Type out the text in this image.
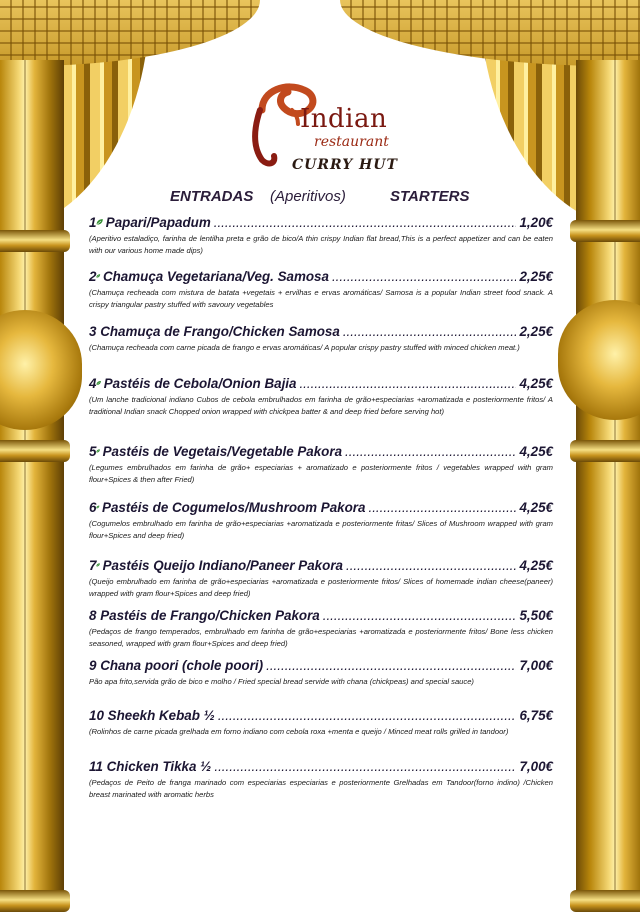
Indian
restaurant
CURRY HUT
ENTRADAS (Aperitivos)	STARTERS
1 Papari/Papadum .....	1,20€
(Aperitivo estaladiço, farinha de lentilha preta e grão de bico/A thin crispy Indian flat bread,This is a perfect appetizer and can be eaten with our various home made dips)
2 Chamuça Vegetariana/Veg. Samosa .....	2,25€
(Chamuça recheada com mistura de batata +vegetais + ervilhas e ervas aromáticas/ Samosa is a popular Indian street food snack. A crispy triangular pastry stuffed with savoury vegetables
3
Chamuça de Frango/Chicken Samosa .....	2,25€
(Chamuça recheada com carne picada de frango e ervas aromáticas/ A popular crispy pastry stuffed with minced chicken meat.)
4 Pastéis de Cebola/Onion Bajia .....	4,25€
(Um lanche tradicional indiano Cubos de cebola embrulhados em farinha de grão+especiarias +aromatizada e posteriormente fritos/ A traditional Indian snack Chopped onion wrapped with chickpea batter & and deep fried before serving hot)
5 Pastéis de Vegetais/Vegetable Pakora .....	4,25€
(Legumes embrulhados em farinha de grão+ especiarias + aromatizado e posteriormente fritos / vegetables wrapped with gram flour+Spices & then after Fried)
6 Pastéis de Cogumelos/Mushroom Pakora .....	4,25€
(Cogumelos embrulhado em farinha de grão+especiarias +aromatizada e posteriormente fritas/ Slices of Mushroom wrapped with gram flour+Spices and deep fried)
7 Pastéis Queijo Indiano/Paneer Pakora .....	4,25€
(Queijo embrulhado em farinha de grão+especiarias +aromatizada e posteriormente fritos/ Slices of homemade indian cheese(paneer) wrapped with gram flour+Spices and deep fried)
8
Pastéis de Frango/Chicken Pakora .....	5,50€
(Pedaços de frango temperados, embrulhado em farinha de grão+especiarias +aromatizada e posteriormente fritos/ Bone less chicken seasoned, wrapped with gram flour+Spices and deep fried)
9
Chana poori (chole poori) .....	7,00€
Pão apa frito,servida grão de bico e molho / Fried special bread servide with chana (chickpeas) and special sauce)
10
Sheekh Kebab ½ .....	6,75€
(Rolinhos de carne picada grelhada em forno indiano com cebola roxa +menta e queijo / Minced meat rolls grilled in tandoor)
11
Chicken Tikka ½ .....	7,00€
(Pedaços de Peito de franga marinado com especiarias especiarias e posteriormente Grelhadas em Tandoor(forno indino) /Chicken breast marinated with aromatic herbs
